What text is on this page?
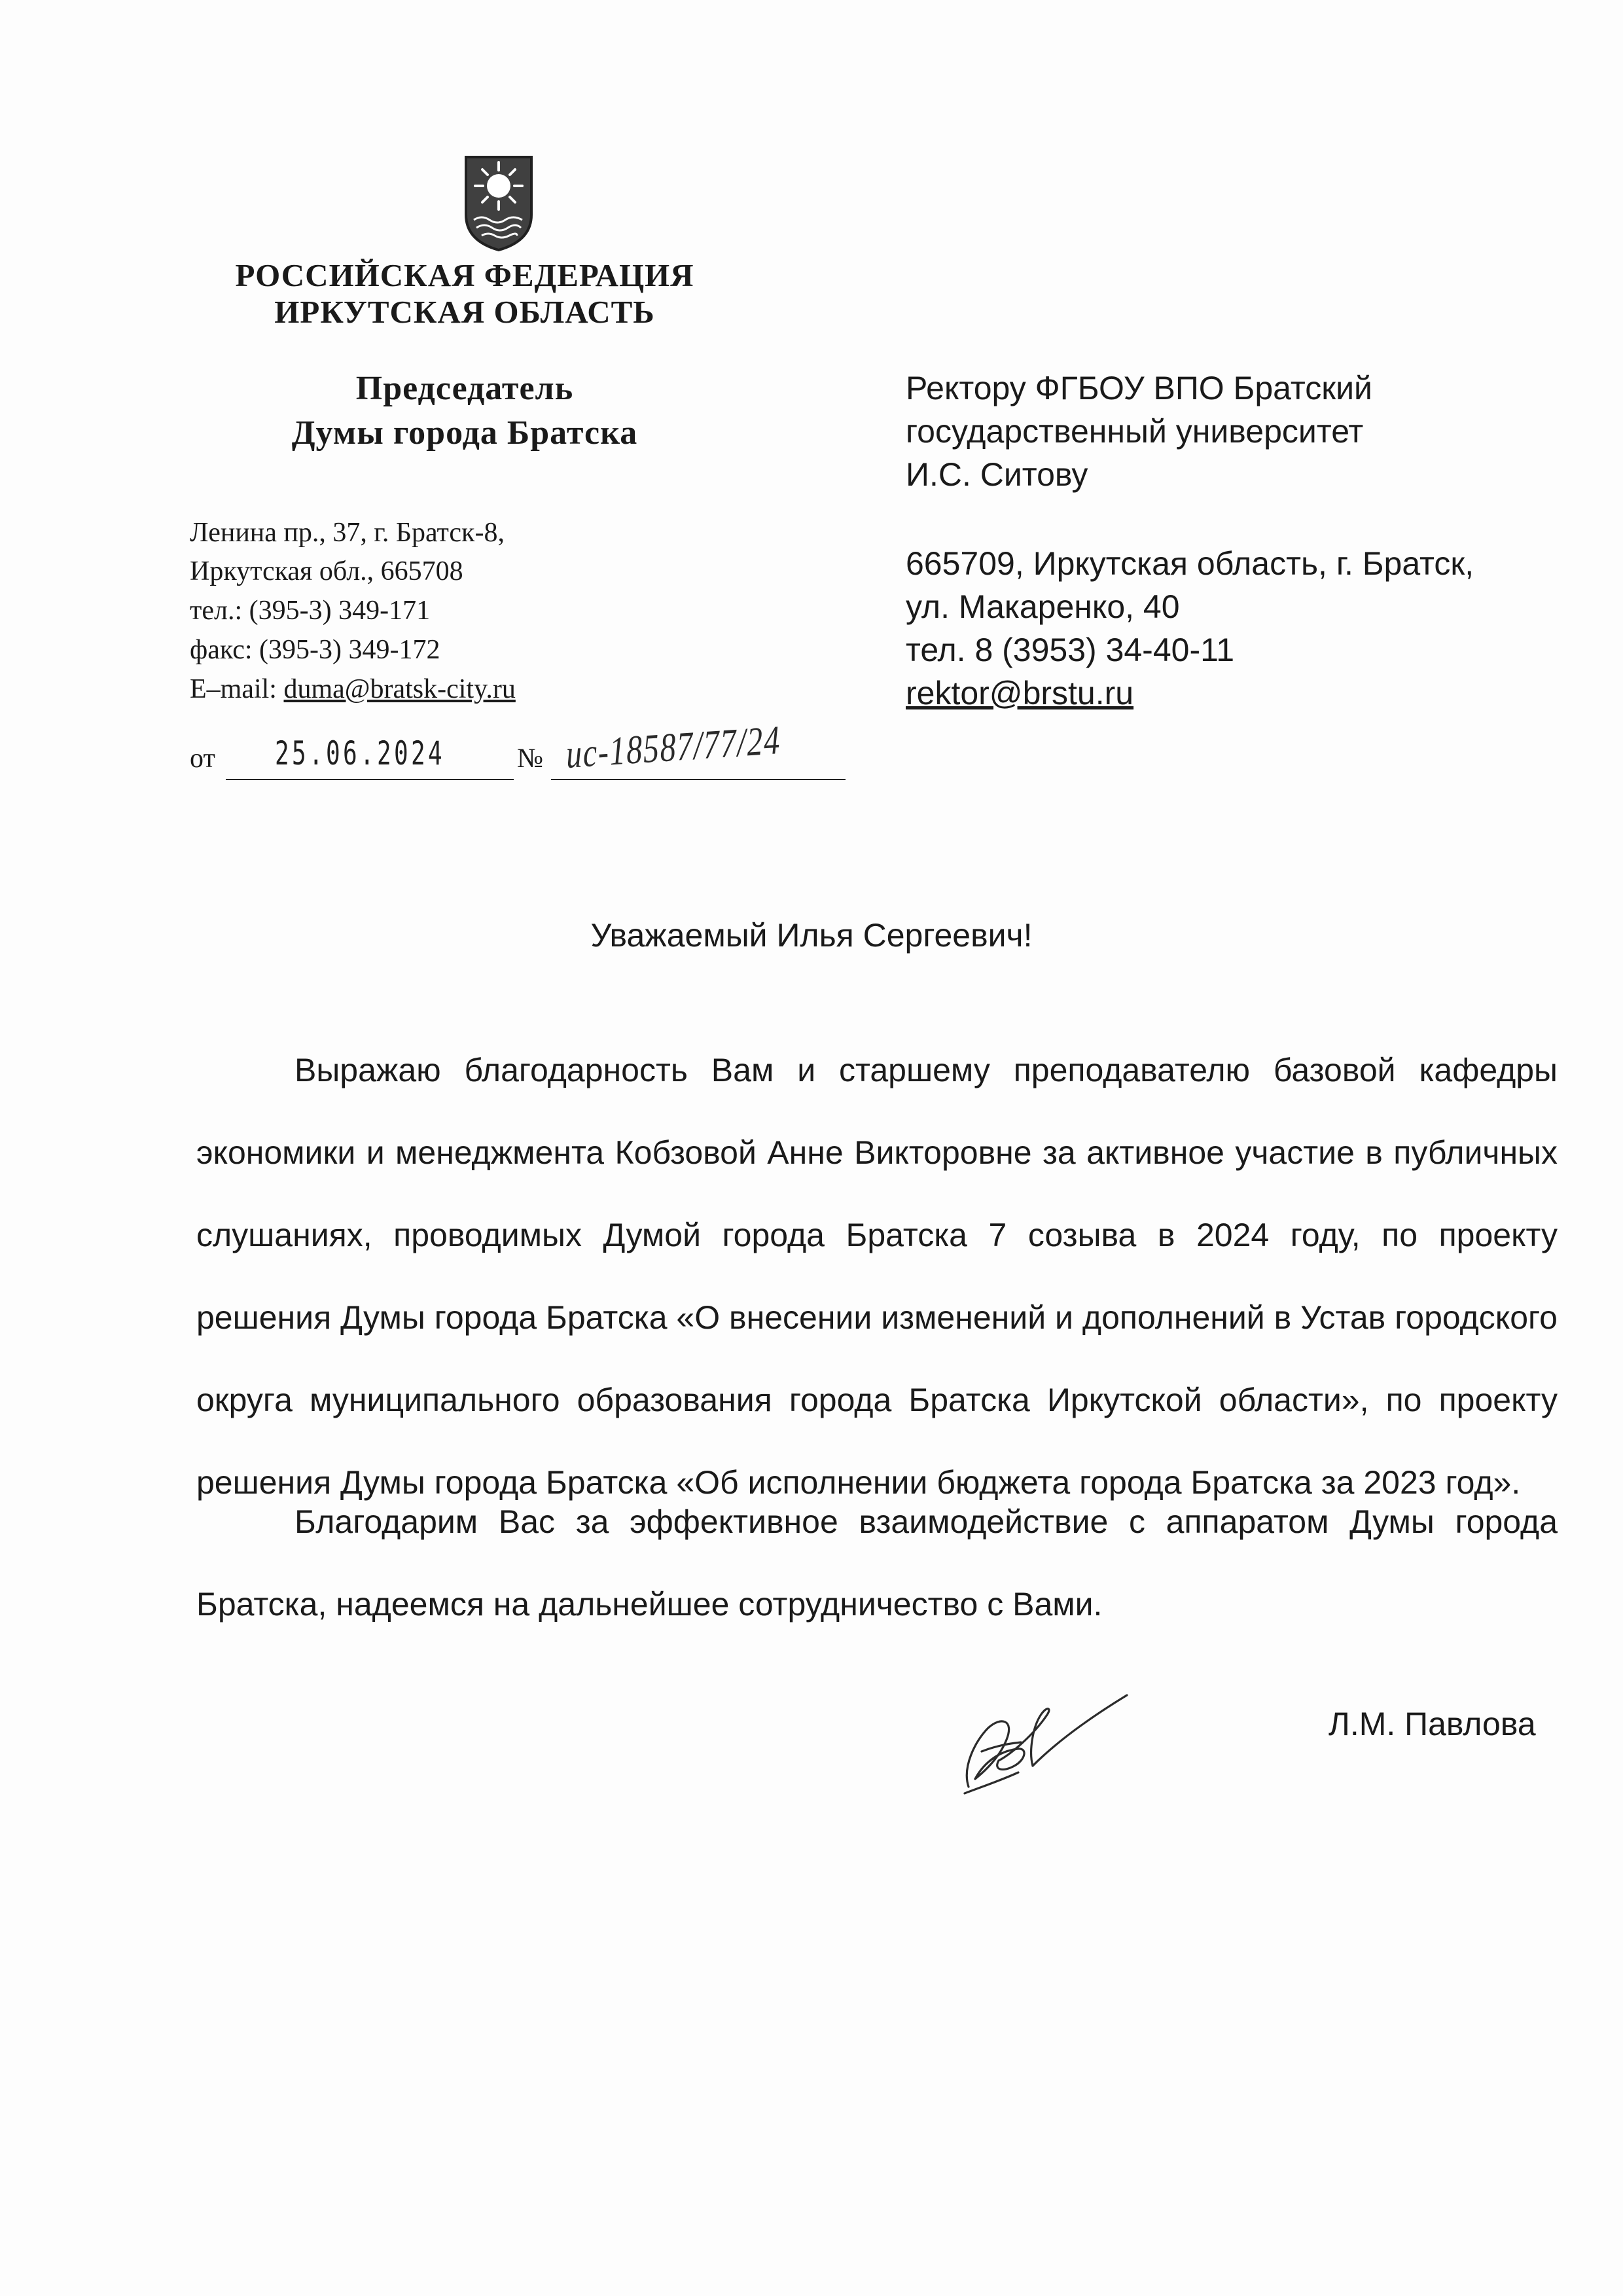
РОССИЙСКАЯ ФЕДЕРАЦИЯ
ИРКУТСКАЯ ОБЛАСТЬ
Председатель
Думы города Братска
Ленина пр., 37, г. Братск-8,
Иркутская обл., 665708
тел.: (395-3) 349-171
факс: (395-3) 349-172
E–mail: duma@bratsk-city.ru
от 25.06.2024	№ ис-18587/77/24
Ректору ФГБОУ ВПО Братский
государственный университет
И.С. Ситову
665709, Иркутская область, г. Братск,
ул. Макаренко, 40
тел. 8 (3953) 34-40-11
rektor@brstu.ru
Уважаемый Илья Сергеевич!
Выражаю благодарность Вам и старшему преподавателю базовой кафедры экономики и менеджмента Кобзовой Анне Викторовне за активное участие в публичных слушаниях, проводимых Думой города Братска 7 созыва в 2024 году, по проекту решения Думы города Братска «О внесении изменений и дополнений в Устав городского округа муниципального образования города Братска Иркутской области», по проекту решения Думы города Братска «Об исполнении бюджета города Братска за 2023 год».
Благодарим Вас за эффективное взаимодействие с аппаратом Думы города Братска, надеемся на дальнейшее сотрудничество с Вами.
Л.М. Павлова
